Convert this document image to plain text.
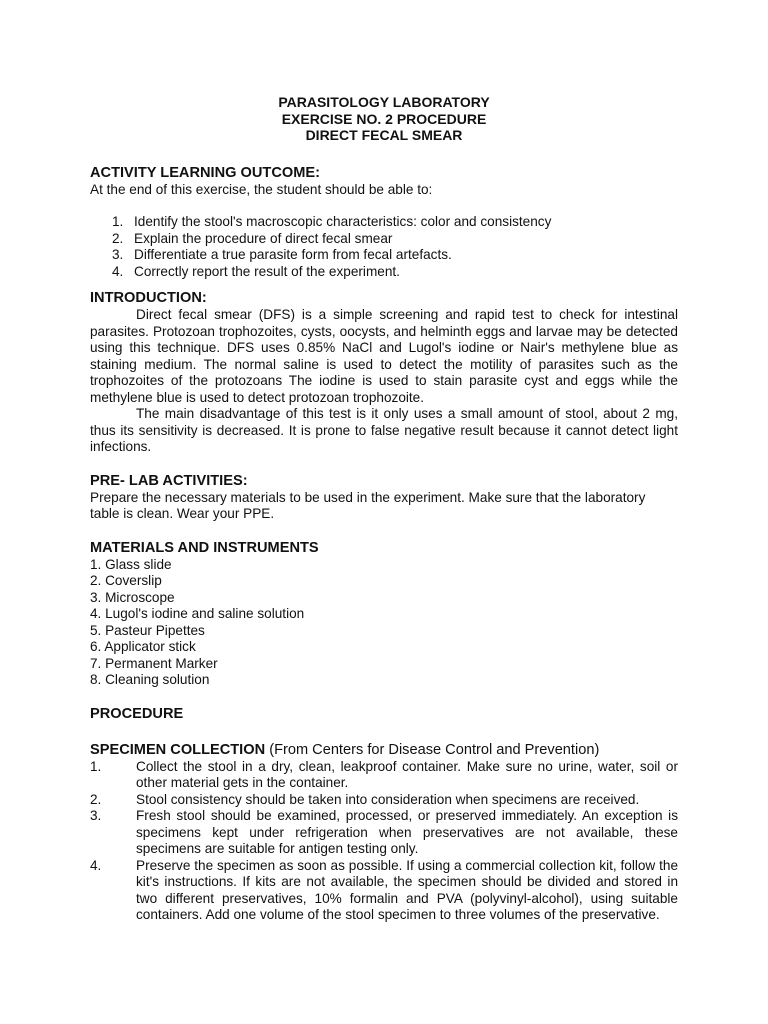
PARASITOLOGY LABORATORY
EXERCISE NO. 2 PROCEDURE
DIRECT FECAL SMEAR
ACTIVITY LEARNING OUTCOME:

At the end of this exercise, the student should be able to:

1. Identify the stool's macroscopic characteristics: color and consistency
2. Explain the procedure of direct fecal smear
3. Differentiate a true parasite form from fecal artefacts.
4. Correctly report the result of the experiment.
INTRODUCTION:

Direct fecal smear (DFS) is a simple screening and rapid test to check for intestinal parasites. Protozoan trophozoites, cysts, oocysts, and helminth eggs and larvae may be detected using this technique. DFS uses 0.85% NaCl and Lugol's iodine or Nair's methylene blue as staining medium. The normal saline is used to detect the motility of parasites such as the trophozoites of the protozoans The iodine is used to stain parasite cyst and eggs while the methylene blue is used to detect protozoan trophozoite.

The main disadvantage of this test is it only uses a small amount of stool, about 2 mg, thus its sensitivity is decreased. It is prone to false negative result because it cannot detect light infections.

PRE- LAB ACTIVITIES:

Prepare the necessary materials to be used in the experiment. Make sure that the laboratory table is clean. Wear your PPE.

MATERIALS AND INSTRUMENTS
1. Glass slide
2. Coverslip
3. Microscope
4. Lugol's iodine and saline solution
5. Pasteur Pipettes
6. Applicator stick
7. Permanent Marker
8. Cleaning solution
PROCEDURE
SPECIMEN COLLECTION (From Centers for Disease Control and Prevention)
1.	Collect the stool in a dry, clean, leakproof container. Make sure no urine, water, soil or other material gets in the container.
2.	Stool consistency should be taken into consideration when specimens are received.
3.	Fresh stool should be examined, processed, or preserved immediately. An exception is specimens kept under refrigeration when preservatives are not available, these specimens are suitable for antigen testing only.
4.	Preserve the specimen as soon as possible. If using a commercial collection kit, follow the kit's instructions. If kits are not available, the specimen should be divided and stored in two different preservatives, 10% formalin and PVA (polyvinyl-alcohol), using suitable containers. Add one volume of the stool specimen to three volumes of the preservative.
